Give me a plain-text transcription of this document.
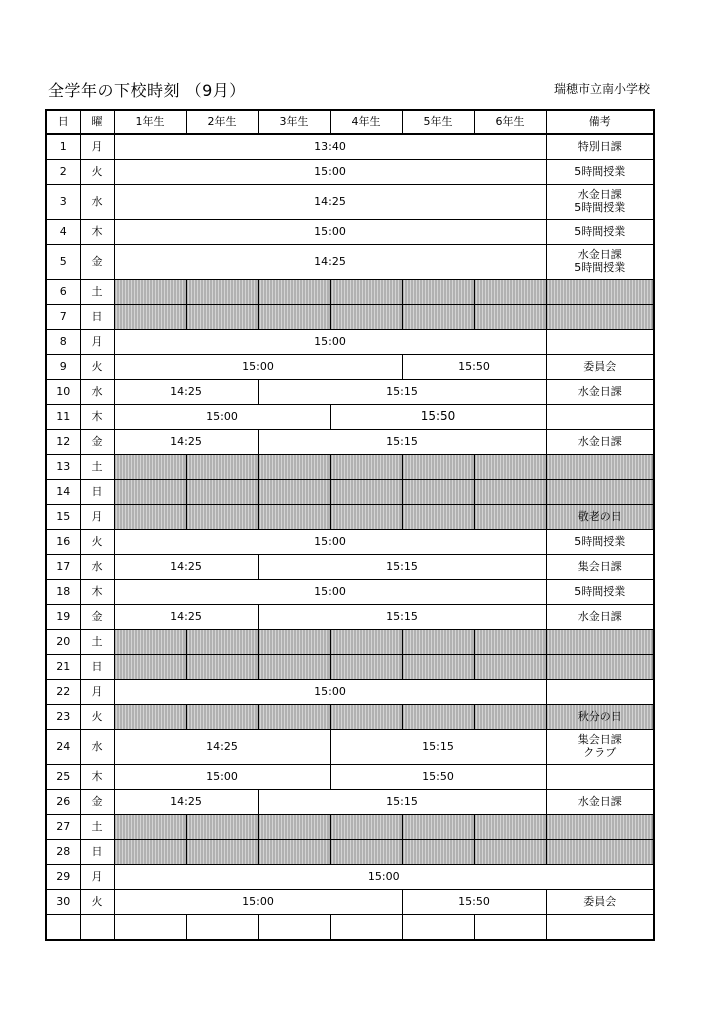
全学年の下校時刻 （9月）	瑞穂市立南小学校
日	曜	1年生	2年生	3年生	4年生	5年生	6年生	備考
1	月	13:40						特別日課
2	火	15:00						5時間授業
3	水	14:25						水金日課
5時間授業
4	木	15:00						5時間授業
5	金	14:25						水金日課
5時間授業
6	土							
7	日							
8	月	15:00						
9	火	15:00				15:50		委員会
10	水	14:25		15:15				水金日課
11	木	15:00			15:50			
12	金	14:25		15:15				水金日課
13	土							
14	日							
15	月							敬老の日
16	火	15:00						5時間授業
17	水	14:25		15:15				集会日課
18	木	15:00						5時間授業
19	金	14:25		15:15				水金日課
20	土							
21	日							
22	月	15:00						
23	火							秋分の日
24	水	14:25			15:15			集会日課
クラブ
25	木	15:00			15:50			
26	金	14:25		15:15				水金日課
27	土							
28	日							
29	月	15:00						
30	火	15:00				15:50		委員会
